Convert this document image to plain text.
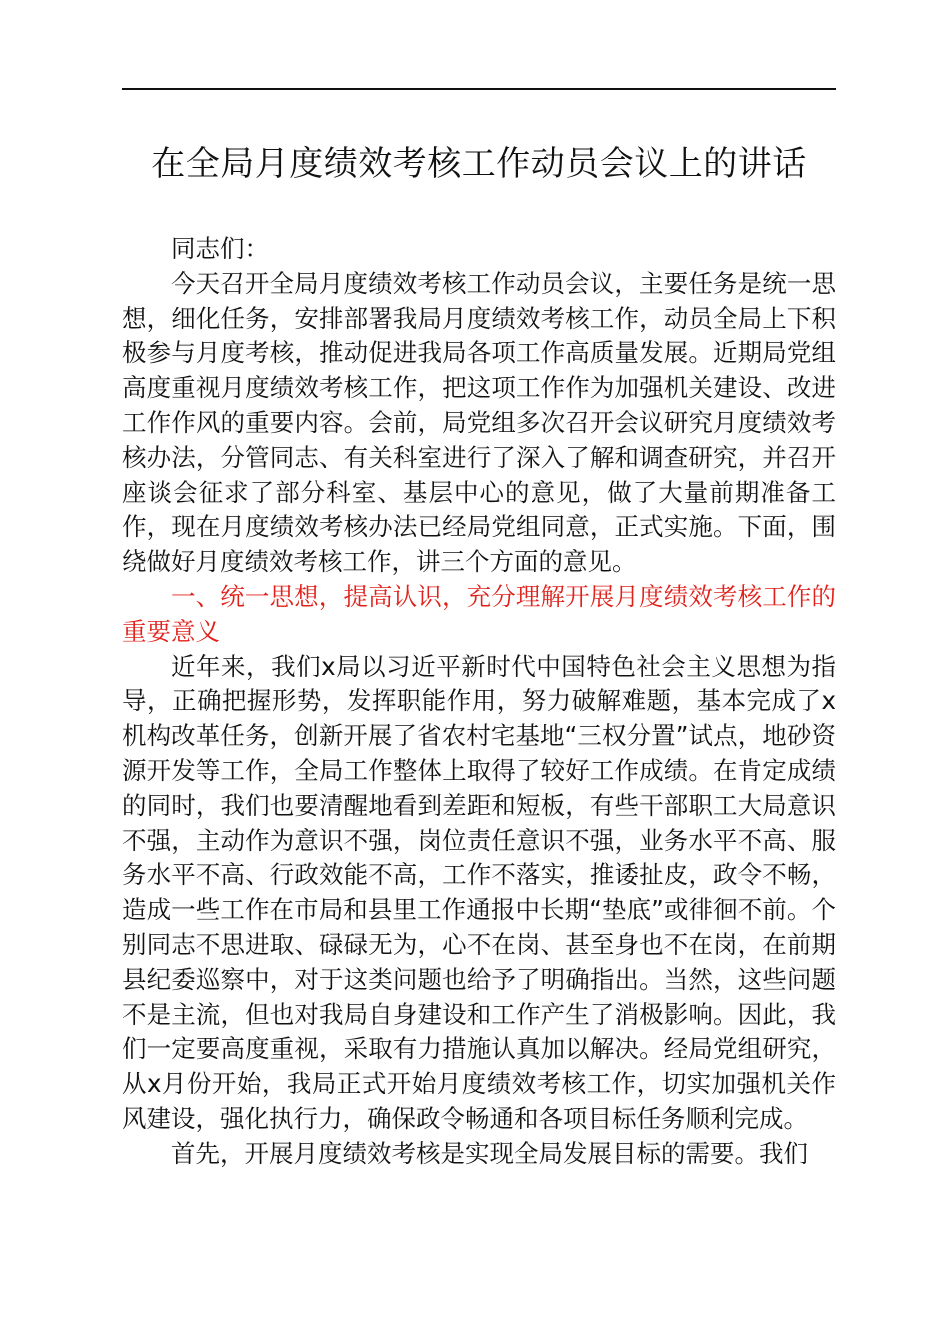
在全局月度绩效考核工作动员会议上的讲话

同志们：

今天召开全局月度绩效考核工作动员会议，主要任务是统一思想，细化任务，安排部署我局月度绩效考核工作，动员全局上下积极参与月度考核，推动促进我局各项工作高质量发展。近期局党组高度重视月度绩效考核工作，把这项工作作为加强机关建设、改进工作作风的重要内容。会前，局党组多次召开会议研究月度绩效考核办法，分管同志、有关科室进行了深入了解和调查研究，并召开座谈会征求了部分科室、基层中心的意见，做了大量前期准备工作，现在月度绩效考核办法已经局党组同意，正式实施。下面，围绕做好月度绩效考核工作，讲三个方面的意见。

一、统一思想，提高认识，充分理解开展月度绩效考核工作的重要意义

近年来，我们x局以习近平新时代中国特色社会主义思想为指导，正确把握形势，发挥职能作用，努力破解难题，基本完成了x机构改革任务，创新开展了省农村宅基地“三权分置”试点，地砂资源开发等工作，全局工作整体上取得了较好工作成绩。在肯定成绩的同时，我们也要清醒地看到差距和短板，有些干部职工大局意识不强，主动作为意识不强，岗位责任意识不强，业务水平不高、服务水平不高、行政效能不高，工作不落实，推诿扯皮，政令不畅，造成一些工作在市局和县里工作通报中长期“垫底”或徘徊不前。个别同志不思进取、碌碌无为，心不在岗、甚至身也不在岗，在前期县纪委巡察中，对于这类问题也给予了明确指出。当然，这些问题不是主流，但也对我局自身建设和工作产生了消极影响。因此，我们一定要高度重视，采取有力措施认真加以解决。经局党组研究，从x月份开始，我局正式开始月度绩效考核工作，切实加强机关作风建设，强化执行力，确保政令畅通和各项目标任务顺利完成。

首先，开展月度绩效考核是实现全局发展目标的需要。我们
